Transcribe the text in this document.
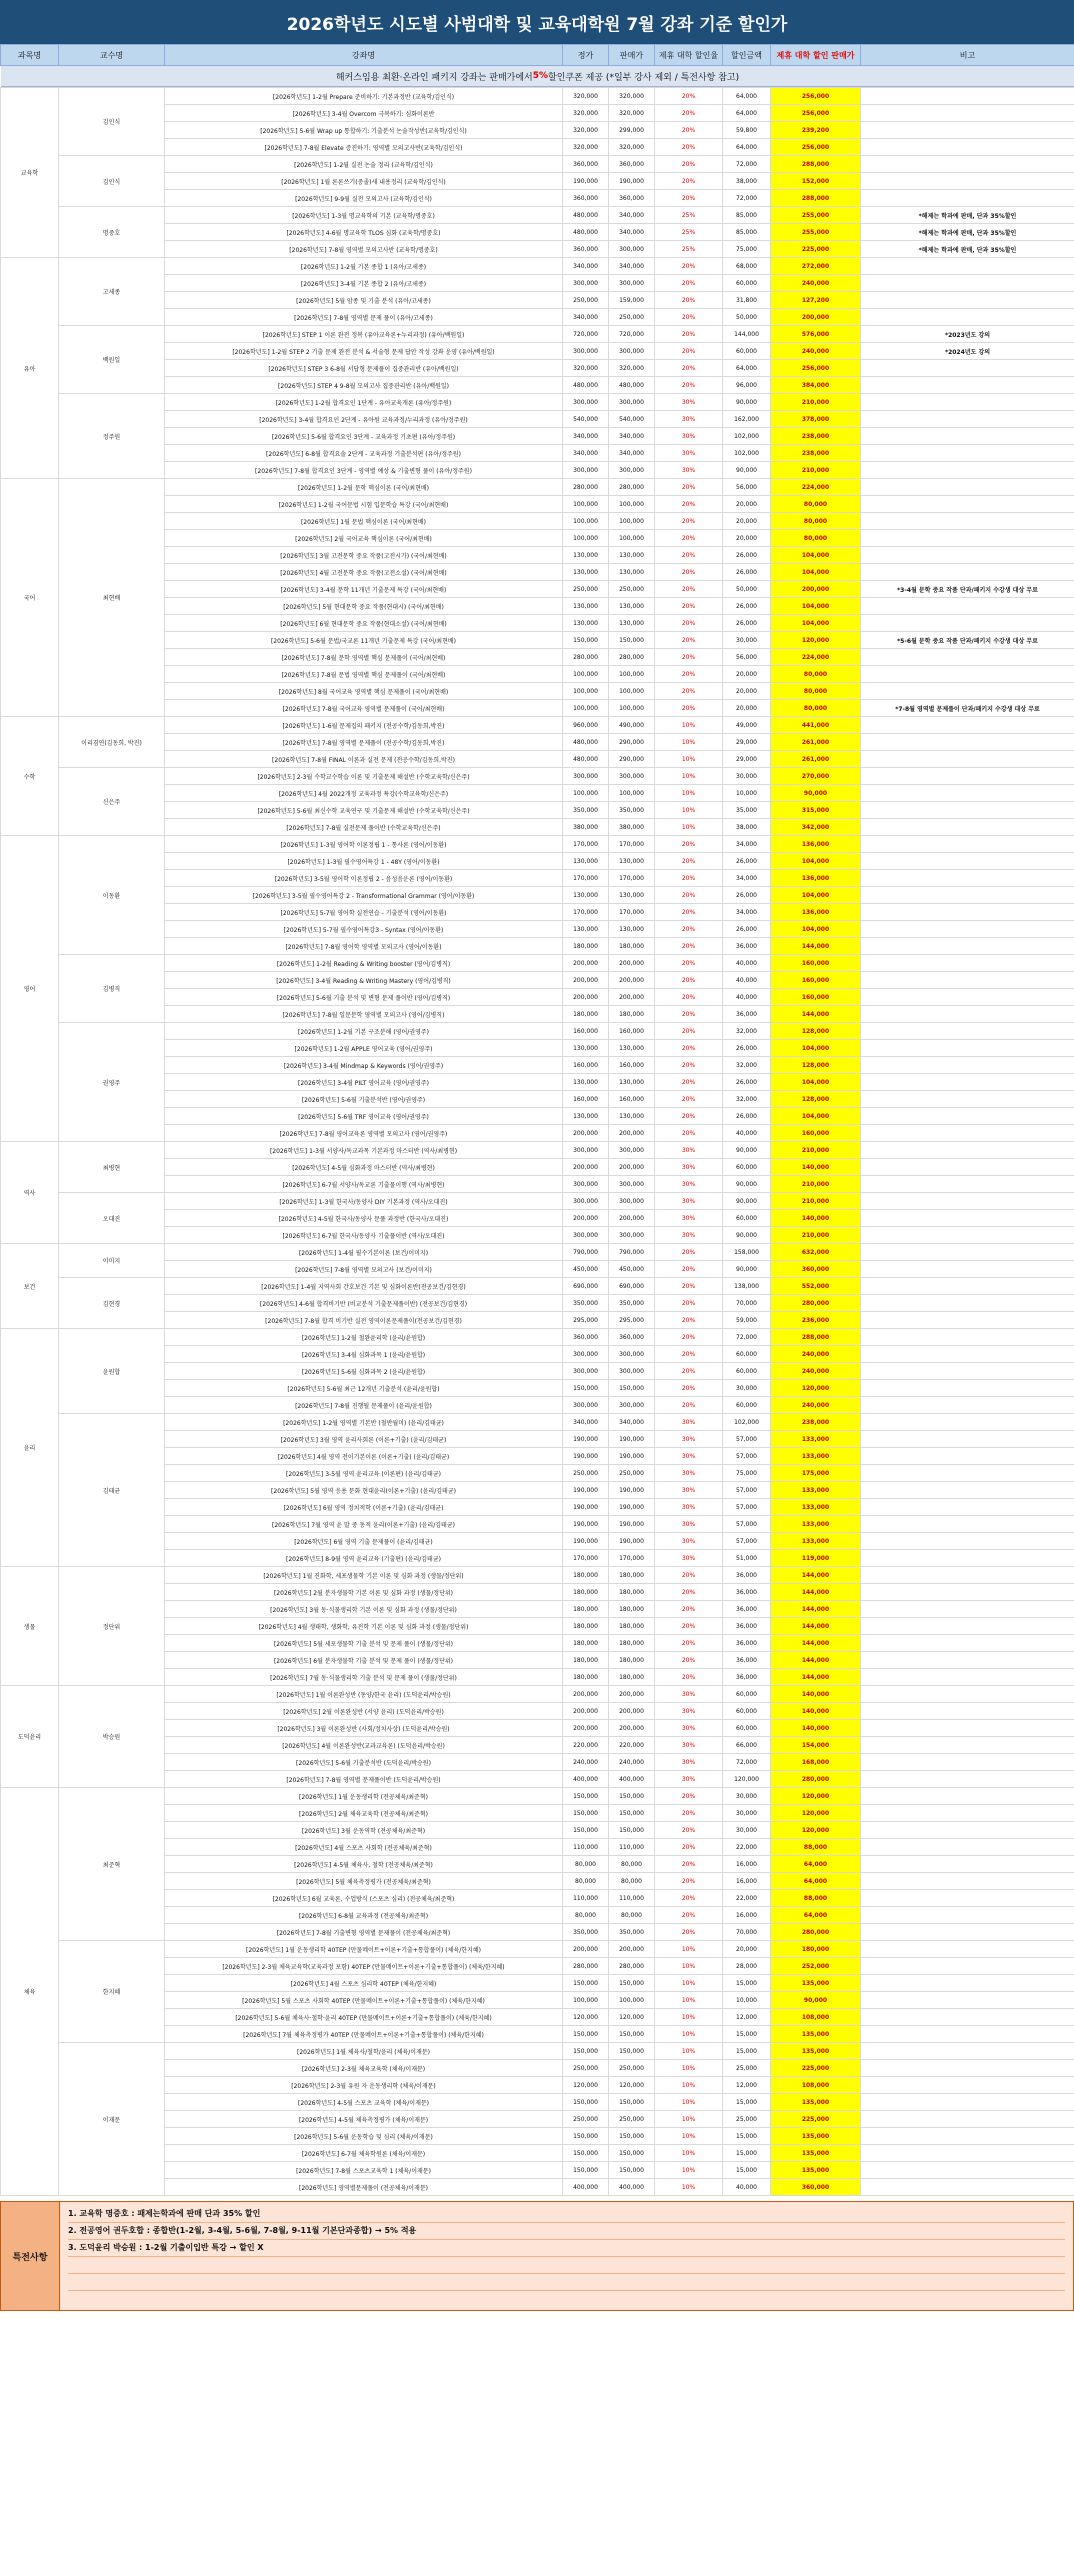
2026학년도 시도별 사범대학 및 교육대학원 7월 강좌 기준 할인가
과목명	교수명	강좌명	정가	판매가	제휴 대학 할인율	할인금액	제휴 대학 할인 판매가	비고

해커스임용 최환·온라인 패키지 강좌는 판매가에서 5% 할인쿠폰 제공 (*일부 강사 제외 / 특전사항 참고)								

교육학	김인식	[2026학년도] 1-2월 Prepare 준비하기: 기본과정반 (교육학/김인식)	320,000	320,000	20%	64,000	256,000	
		[2026학년도] 3-4월 Overcom 극복하기: 심화이론반	320,000	320,000	20%	64,000	256,000	
		[2026학년도] 5-6월 Wrap up 통합하기: 기출분석 논술작성반(교육학/김인식)	320,000	299,000	20%	59,800	239,200	
		[2026학년도] 7-8월 Elevate 증진하기: 영역별 모의고사반(교육학/김인식)	320,000	320,000	20%	64,000	256,000	
	김인식	[2026학년도] 1-2월 실전 논술 정리 (교육학/김인식)	360,000	360,000	20%	72,000	288,000	
		[2026학년도] 1월 론론쓰기(중졸)새 내용정리 (교육학/김인식)	190,000	190,000	20%	38,000	152,000	
		[2026학년도] 9-9월 실전 모의고사 (교육학/김인식)	360,000	360,000	20%	72,000	288,000	
	명중호	[2026학년도] 1-3월 명교육학의 기본 (교육학/명중호)	480,000	340,000	25%	85,000	255,000	*해제는 학과에 판매, 단과 35%할인
		[2026학년도] 4-6월 명교육학 TLOS 심화 (교육학/명중호)	480,000	340,000	25%	85,000	255,000	*해제는 학과에 판매, 단과 35%할인
		[2026학년도] 7-8월 영역별 모의고사반 (교육학/명중호)	360,000	300,000	25%	75,000	225,000	*해제는 학과에 판매, 단과 35%할인
유아	고세종	[2026학년도] 1-2월 기본 종합 1 (유아/고세종)	340,000	340,000	20%	68,000	272,000	
		[2026학년도] 3-4월 기본 종합 2 (유아/고세종)	300,000	300,000	20%	60,000	240,000	
		[2026학년도] 5월 암종 및 기출 분석 (유아/고세종)	250,000	159,000	20%	31,800	127,200	
		[2026학년도] 7-8월 영역별 문제 풀이 (유아/고세종)	340,000	250,000	20%	50,000	200,000	
	백원일	[2026학년도] STEP 1 이론 완전 정복 (유아교육론+누리과정) (유아/백원일)	720,000	720,000	20%	144,000	576,000	*2023년도 강의
		[2026학년도] 1-2월 STEP 2 기출 문제 완전 분석 & 서술형 문제 답안 작성 강좌 운영 (유아/백원일)	300,000	300,000	20%	60,000	240,000	*2024년도 강의
		[2026학년도] STEP 3 6-8월 서답형 문제풀이 집중관리반 (유아/백원일)	320,000	320,000	20%	64,000	256,000	
		[2026학년도] STEP 4 9-8월 모의고사 집중관리반 (유아/백원일)	480,000	480,000	20%	96,000	384,000	
	정주원	[2026학년도] 1-2월 합격요인 1단계 - 유아교육개론 (유아/정주원)	300,000	300,000	30%	90,000	210,000	
		[2026학년도] 3-4월 합격요인 2단계 - 유아원 교육과정/누리과정 (유아/정주원)	540,000	540,000	30%	162,000	378,000	
		[2026학년도] 5-6월 합격요인 3단계 - 교육과정 기초편 (유아/정주원)	340,000	340,000	30%	102,000	238,000	
		[2026학년도] 6-8월 합격요솔 2단계 - 교육과정 기출분석편 (유아/정주원)	340,000	340,000	30%	102,000	238,000	
		[2026학년도] 7-8월 합격요인 3단계 - 영역별 예상 & 기출변형 풀이 (유아/정주원)	300,000	300,000	30%	90,000	210,000	
국어	최현배	[2026학년도] 1-2월 문학 핵심이론 (국어/최현배)	280,000	280,000	20%	56,000	224,000	
		[2026학년도] 1-2월 국어문법 시험 입문학습 특강 (국어/최현배)	100,000	100,000	20%	20,000	80,000	
		[2026학년도] 1월 문법 핵심이론 (국어/최현배)	100,000	100,000	20%	20,000	80,000	
		[2026학년도] 2월 국어교육 핵심이론 (국어/최현배)	100,000	100,000	20%	20,000	80,000	
		[2026학년도] 3월 고전문학 중요 작품(고전시가) (국어/최현배)	130,000	130,000	20%	26,000	104,000	
		[2026학년도] 4월 고전문학 중요 작품(고전소설) (국어/최현배)	130,000	130,000	20%	26,000	104,000	
		[2026학년도] 3-4월 문학 11개년 기출문제 특강 (국어/최현배)	250,000	250,000	20%	50,000	200,000	*3-4월 문학 중요 작품 단과/패키지 수강생 대상 무료
		[2026학년도] 5월 현대문학 중요 작품(현대시) (국어/최현배)	130,000	130,000	20%	26,000	104,000	
		[2026학년도] 6월 현대문학 중요 작품(현대소설) (국어/최현배)	130,000	130,000	20%	26,000	104,000	
		[2026학년도] 5-6월 문법/국교론 11개년 기출문제 특강 (국어/최현배)	150,000	150,000	20%	30,000	120,000	*5-6월 문학 중요 작품 단과/패키지 수강생 대상 무료
		[2026학년도] 7-8월 문학 영역별 핵심 문제풀이 (국어/최현배)	280,000	280,000	20%	56,000	224,000	
		[2026학년도] 7-8월 문법 영역별 핵심 문제풀이 (국어/최현배)	100,000	100,000	20%	20,000	80,000	
		[2026학년도] 8월 국어교육 영역별 핵심 문제풀이 (국어/최현배)	100,000	100,000	20%	20,000	80,000	
		[2026학년도] 7-8월 국어교육 영역별 문제풀이 (국어/최현배)	100,000	100,000	20%	20,000	80,000	*7-8월 영역별 문제풀이 단과/패키지 수강생 대상 무료
수학	이리겸연(김동희, 박진)	[2026학년도] 1-6월 문제집의 패키지 (전공수학/김동희,박진)	960,000	490,000	10%	49,000	441,000	
		[2026학년도] 7-8월 영역별 문제풀이 (전공수학/김동희,박진)	480,000	290,000	10%	29,000	261,000	
		[2026학년도] 7-8월 FINAL 이론과 실전 문제 (전공수학/김동희,박진)	480,000	290,000	10%	29,000	261,000	
	신은주	[2026학년도] 2-3월 수학교수학습 이론 및 기출문제 해설반 (수학교육학/신은주)	300,000	300,000	10%	30,000	270,000	
		[2026학년도] 4월 2022개정 교육과정 특강(수학교육학/신은주)	100,000	100,000	10%	10,000	90,000	
		[2026학년도] 5-6월 최신수학 교육연구 및 기출문제 해설반 (수학교육학/신은주)	350,000	350,000	10%	35,000	315,000	
		[2026학년도] 7-8월 실전문제 풀이반 (수학교육학/신은주)	380,000	380,000	10%	38,000	342,000	
영어	이동환	[2026학년도] 1-3월 영어학 이론정립 1 - 통사론 (영어/이동환)	170,000	170,000	20%	34,000	136,000	
		[2026학년도] 1-3월 필수영어특강 1 - 48Y (영어/이동환)	130,000	130,000	20%	26,000	104,000	
		[2026학년도] 3-5월 영어학 이론정립 2 - 음성음운론 (영어/이동환)	170,000	170,000	20%	34,000	136,000	
		[2026학년도] 3-5월 필수영어특강 2 - Transformational Grammar (영어/이동환)	130,000	130,000	20%	26,000	104,000	
		[2026학년도] 5-7월 영어학 실전연습 - 기출분석 (영어/이동환)	170,000	170,000	20%	34,000	136,000	
		[2026학년도] 5-7월 필수영어특강3 - Syntax (영어/이동환)	130,000	130,000	20%	26,000	104,000	
		[2026학년도] 7-8월 영어학 영역별 모의고사 (영어/이동환)	180,000	180,000	20%	36,000	144,000	
	김병직	[2026학년도] 1-2월 Reading & Writing booster (영어/김병직)	200,000	200,000	20%	40,000	160,000	
		[2026학년도] 3-4월 Reading & Writing Mastery (영어/김병직)	200,000	200,000	20%	40,000	160,000	
		[2026학년도] 5-6월 기출 분석 및 변형 문제 풀이반 (영어/김병직)	200,000	200,000	20%	40,000	160,000	
		[2026학년도] 7-8월 일문문학 영역별 모의고사 (영어/김병직)	180,000	180,000	20%	36,000	144,000	
	권영주	[2026학년도] 1-2월 기본 구조분해 (영어/권영주)	160,000	160,000	20%	32,000	128,000	
		[2026학년도] 1-2월 APPLE 영어교육 (영어/권영주)	130,000	130,000	20%	26,000	104,000	
		[2026학년도] 3-4월 Mindmap & Keywords (영어/권영주)	160,000	160,000	20%	32,000	128,000	
		[2026학년도] 3-4월 PILT 영어교육 (영어/권영주)	130,000	130,000	20%	26,000	104,000	
		[2026학년도] 5-6월 기출분석반 (영어/권영주)	160,000	160,000	20%	32,000	128,000	
		[2026학년도] 5-6월 TRF 영어교육 (영어/권영주)	130,000	130,000	20%	26,000	104,000	
		[2026학년도] 7-8월 영어교육론 영역별 모의고사 (영어/권영주)	200,000	200,000	20%	40,000	160,000	
역사	최병현	[2026학년도] 1-3월 서양사/독교과목 기본과정 마스터반 (역사/최병현)	300,000	300,000	30%	90,000	210,000	
		[2026학년도] 4-5월 심화과정 마스터반 (역사/최병현)	200,000	200,000	30%	60,000	140,000	
		[2026학년도] 6-7월 서양사/독교론 기출물이행 (역사/최병현)	300,000	300,000	30%	90,000	210,000	
	오대진	[2026학년도] 1-3월 한국사/동양사 DIY 기본과정 (역사/오대진)	300,000	300,000	30%	90,000	210,000	
		[2026학년도] 4-5월 한국사/동양사 문풀 과정반 (한국사/오대진)	200,000	200,000	30%	60,000	140,000	
		[2026학년도] 6-7월 한국사/동양사 기출풀이반 (역사/오대진)	300,000	300,000	30%	90,000	210,000	
보건	이미지	[2026학년도] 1-4월 필수기본이론 (보건/이미지)	790,000	790,000	20%	158,000	632,000	
		[2026학년도] 7-8월 영역별 모의고사 (보건/이미지)	450,000	450,000	20%	90,000	360,000	
	김현경	[2026학년도] 1-4월 지역사회 간호보건 기본 및 심화이론반(전공보건/김현경)	690,000	690,000	20%	138,000	552,000	
		[2026학년도] 4-6월 합격비기반 (비교분석 기출문제풀이반) (전공보건/김현경)	350,000	350,000	20%	70,000	280,000	
		[2026학년도] 7-8월 합격 비기반 실전 영역이론문제풀이(전공보건/김현경)	295,000	295,000	20%	59,000	236,000	
윤리	윤원합	[2026학년도] 1-2월 철완윤리학 (윤리/윤원합)	360,000	360,000	20%	72,000	288,000	
		[2026학년도] 3-4월 심화과목 1 (윤리/윤원합)	300,000	300,000	20%	60,000	240,000	
		[2026학년도] 5-6월 심화과목 2 (윤리/윤원합)	300,000	300,000	20%	60,000	240,000	
		[2026학년도] 5-6월 최근 12개년 기출분석 (윤리/윤원합)	150,000	150,000	20%	30,000	120,000	
		[2026학년도] 7-8월 진행될 문제풀이 (윤리/윤원합)	300,000	300,000	20%	60,000	240,000	
	김태균	[2026학년도] 1-2월 영역별 기본반 (철반월미) (윤리/김태균)	340,000	340,000	30%	102,000	238,000	
		[2026학년도] 3월 영역 윤리사회론 (이론+기출) (윤리/김태균)	190,000	190,000	30%	57,000	133,000	
		[2026학년도] 4월 영역 전이기본이론 (이론+기출) (윤리/김태균)	190,000	190,000	30%	57,000	133,000	
		[2026학년도] 3-5월 영역 윤리교육 (이론편) (윤리/김태균)	250,000	250,000	30%	75,000	175,000	
		[2026학년도] 5월 영역 응용 문화 현대윤리(이론+기출) (윤리/김태균)	190,000	190,000	30%	57,000	133,000	
		[2026학년도] 6월 영역 정치적학 (이론+기출) (윤리/김태균)	190,000	190,000	30%	57,000	133,000	
		[2026학년도] 7월 영역 윤 말 중 동적 윤리(이론+기출) (윤리/김태균)	190,000	190,000	30%	57,000	133,000	
		[2026학년도] 6월 영역 기출 문제풀이 (윤리/김태균)	190,000	190,000	30%	57,000	133,000	
		[2026학년도] 8-9월 영역 윤리교육 (기출편) (윤리/김태균)	170,000	170,000	30%	51,000	119,000	
생물	정단위	[2026학년도] 1월 진화학, 세포생물학 기본 이론 및 심화 과정 (생물/정단위)	180,000	180,000	20%	36,000	144,000	
		[2026학년도] 2월 분자생물학 기본 이론 및 심화 과정 (생물/정단위)	180,000	180,000	20%	36,000	144,000	
		[2026학년도] 3월 동·식물생리학 기본 이론 및 심화 과정 (생물/정단위)	180,000	180,000	20%	36,000	144,000	
		[2026학년도] 4월 생태학, 생화학, 유전학 기본 이론 및 심화 과정 (생물/정단위)	180,000	180,000	20%	36,000	144,000	
		[2026학년도] 5월 세포생물학 기출 분석 및 문제 풀이 (생물/정단위)	180,000	180,000	20%	36,000	144,000	
		[2026학년도] 6월 분자생물학 기출 분석 및 문제 풀이 (생물/정단위)	180,000	180,000	20%	36,000	144,000	
		[2026학년도] 7월 동·식물생리학 기출 분석 및 문제 풀이 (생물/정단위)	180,000	180,000	20%	36,000	144,000	
도덕윤리	박승원	[2026학년도] 1월 이론완성반 (동양/한국 윤리) (도덕윤리/박승원)	200,000	200,000	30%	60,000	140,000	
		[2026학년도] 2월 이론완성반 (서양 윤리) (도덕윤리/박승원)	200,000	200,000	30%	60,000	140,000	
		[2026학년도] 3월 이론완성반 (사회/정치사상) (도덕윤리/박승원)	200,000	200,000	30%	60,000	140,000	
		[2026학년도] 4월 이론완성반(교과교육론) (도덕윤리/박승원)	220,000	220,000	30%	66,000	154,000	
		[2026학년도] 5-6월 기출분석반 (도덕윤리/박승원)	240,000	240,000	30%	72,000	168,000	
		[2026학년도] 7-8월 영역별 문제풀이반 (도덕윤리/박승원)	400,000	400,000	30%	120,000	280,000	
체육	최준혁	[2026학년도] 1월 운동생리학 (전공체육/최준혁)	150,000	150,000	20%	30,000	120,000	
		[2026학년도] 2월 체육교육학 (전공체육/최준혁)	150,000	150,000	20%	30,000	120,000	
		[2026학년도] 3월 운동역학 (전공체육/최준혁)	150,000	150,000	20%	30,000	120,000	
		[2026학년도] 4월 스포츠 사회학 (전공체육/최준혁)	110,000	110,000	20%	22,000	88,000	
		[2026학년도] 4-5월 체육사, 철학 (전공체육/최준혁)	80,000	80,000	20%	16,000	64,000	
		[2026학년도] 5월 체육측정평가 (전공체육/최준혁)	80,000	80,000	20%	16,000	64,000	
		[2026학년도] 6월 교육론, 수업방식 (스포츠 심리) (전공체육/최준혁)	110,000	110,000	20%	22,000	88,000	
		[2026학년도] 6-8월 교육과정 (전공체육/최준혁)	80,000	80,000	20%	16,000	64,000	
		[2026학년도] 7-8월 기출변형 영역별 문제풀이 (전공체육/최준혁)	350,000	350,000	20%	70,000	280,000	
	한지혜	[2026학년도] 1월 운동생리학 40TEP (만물메이트+이론+기출+통합풀이) (체육/한지혜)	200,000	200,000	10%	20,000	180,000	
		[2026학년도] 2-3월 체육교육학(교육과정 포함) 40TEP (만물메이트+이론+기출+통합풀이) (체육/한지혜)	280,000	280,000	10%	28,000	252,000	
		[2026학년도] 4월 스포츠 심리학 40TEP (체육/한지혜)	150,000	150,000	10%	15,000	135,000	
		[2026학년도] 5월 스포츠 사회학 40TEP (만물메이트+이론+기출+통합풀이) (체육/한지혜)	100,000	100,000	10%	10,000	90,000	
		[2026학년도] 5-6월 체육사·철학·윤리 40TEP (만물메이트+이론+기출+통합풀이) (체육/한지혜)	120,000	120,000	10%	12,000	108,000	
		[2026학년도] 7월 체육측정평가 40TEP (만물메이트+이론+기출+통합풀이) (체육/한지혜)	150,000	150,000	10%	15,000	135,000	
	이재문	[2026학년도] 1월 체육사/철학/윤리 (체육/이재문)	150,000	150,000	10%	15,000	135,000	
		[2026학년도] 2-3월 체육교육학 (체육/이재문)	250,000	250,000	10%	25,000	225,000	
		[2026학년도] 2-3월 유원 자 운동생리학 (체육/이재문)	120,000	120,000	10%	12,000	108,000	
		[2026학년도] 4-5월 스포츠 교육학 (체육/이재문)	150,000	150,000	10%	15,000	135,000	
		[2026학년도] 4-5월 체육측정평가 (체육/이재문)	250,000	250,000	10%	25,000	225,000	
		[2026학년도] 5-6월 운동학습 및 심리 (체육/이재문)	150,000	150,000	10%	15,000	135,000	
		[2026학년도] 6-7월 체육학원론 (체육/이재문)	150,000	150,000	10%	15,000	135,000	
		[2026학년도] 7-8월 스포츠교육학 1 (체육/이재문)	150,000	150,000	10%	15,000	135,000	
		[2026학년도] 영역별문제풀이 (전공체육/이재문)	400,000	400,000	10%	40,000	360,000	
특전사항
1. 교육학 명중호 : 패제는학과에 판매 단과 35% 할인
2. 전공영어 권두호합 : 종합반(1-2월, 3-4월, 5-6월, 7-8월, 9-11월 기본단과종합) → 5% 적용
3. 도덕윤리 박승원 : 1-2월 기출이입반 특강 → 할인 X
